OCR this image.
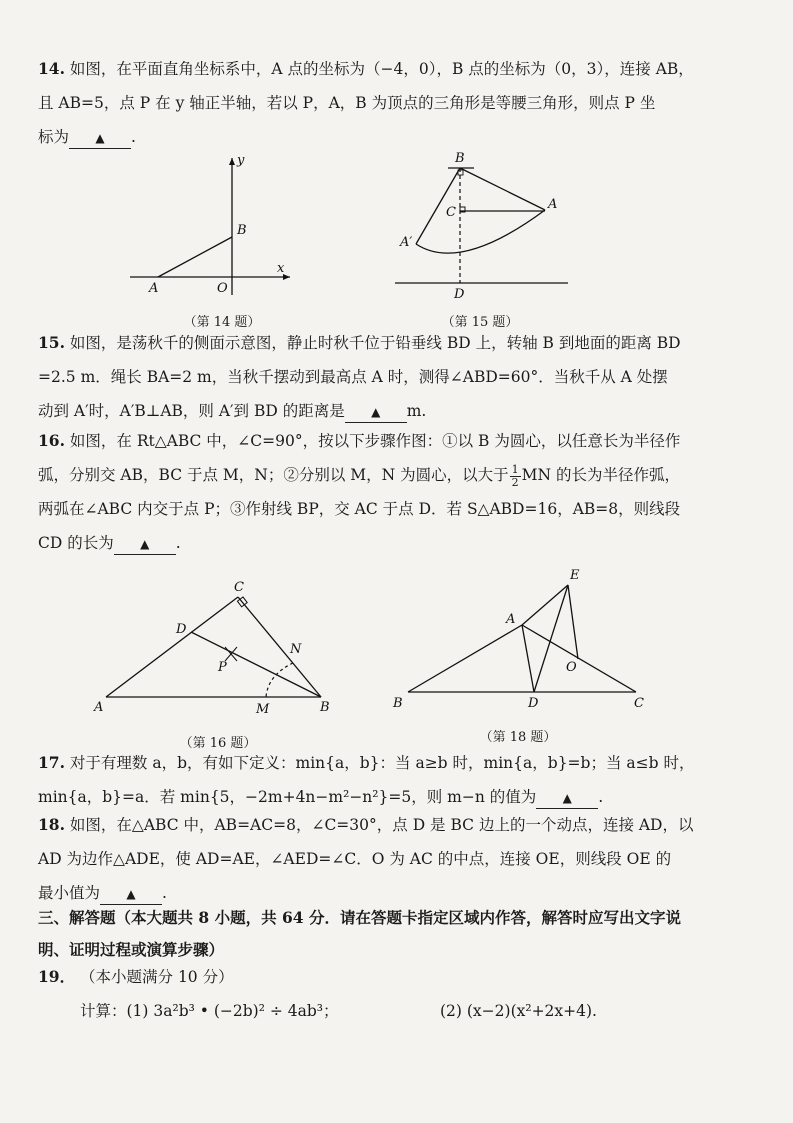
14. 如图，在平面直角坐标系中，A 点的坐标为（−4，0），B 点的坐标为（0，3），连接 AB，
且 AB=5，点 P 在 y 轴正半轴，若以 P，A，B 为顶点的三角形是等腰三角形，则点 P 坐
标为 ▲ .
y
x
B
A	O
（第 14 题）
B
C
A
A′
D
（第 15 题）
15. 如图，是荡秋千的侧面示意图，静止时秋千位于铅垂线 BD 上，转轴 B 到地面的距离 BD
=2.5 m．绳长 BA=2 m，当秋千摆动到最高点 A 时，测得∠ABD=60°．当秋千从 A 处摆
动到 A′时，A′B⊥AB，则 A′到 BD 的距离是 ▲ m.
16. 如图，在 Rt△ABC 中，∠C=90°，按以下步骤作图：①以 B 为圆心，以任意长为半径作
弧，分别交 AB，BC 于点 M，N；②分别以 M，N 为圆心，以大于 $\frac{1}{2}$ MN 的长为半径作弧，
两弧在∠ABC 内交于点 P；③作射线 BP，交 AC 于点 D．若 S△ABD=16，AB=8，则线段
CD 的长为 ▲ .
C
D
P
N
A	M	B
（第 16 题）
E
A
O
B	D	C
（第 18 题）
17. 对于有理数 a，b，有如下定义：min{a，b}：当 a≥b 时，min{a，b}=b；当 a≤b 时，
min{a，b}=a．若 min{5，−2m+4n−m²−n²}=5，则 m−n 的值为 ▲ .
18. 如图，在△ABC 中，AB=AC=8，∠C=30°，点 D 是 BC 边上的一个动点，连接 AD，以
AD 为边作△ADE，使 AD=AE，∠AED=∠C．O 为 AC 的中点，连接 OE，则线段 OE 的
最小值为 ▲ .
三、解答题（本大题共 8 小题，共 64 分．请在答题卡指定区域内作答，解答时应写出文字说
明、证明过程或演算步骤）
19． （本小题满分 10 分）
计算：(1) 3a²b³ • (−2b)² ÷ 4ab³；	(2) (x−2)(x²+2x+4).
